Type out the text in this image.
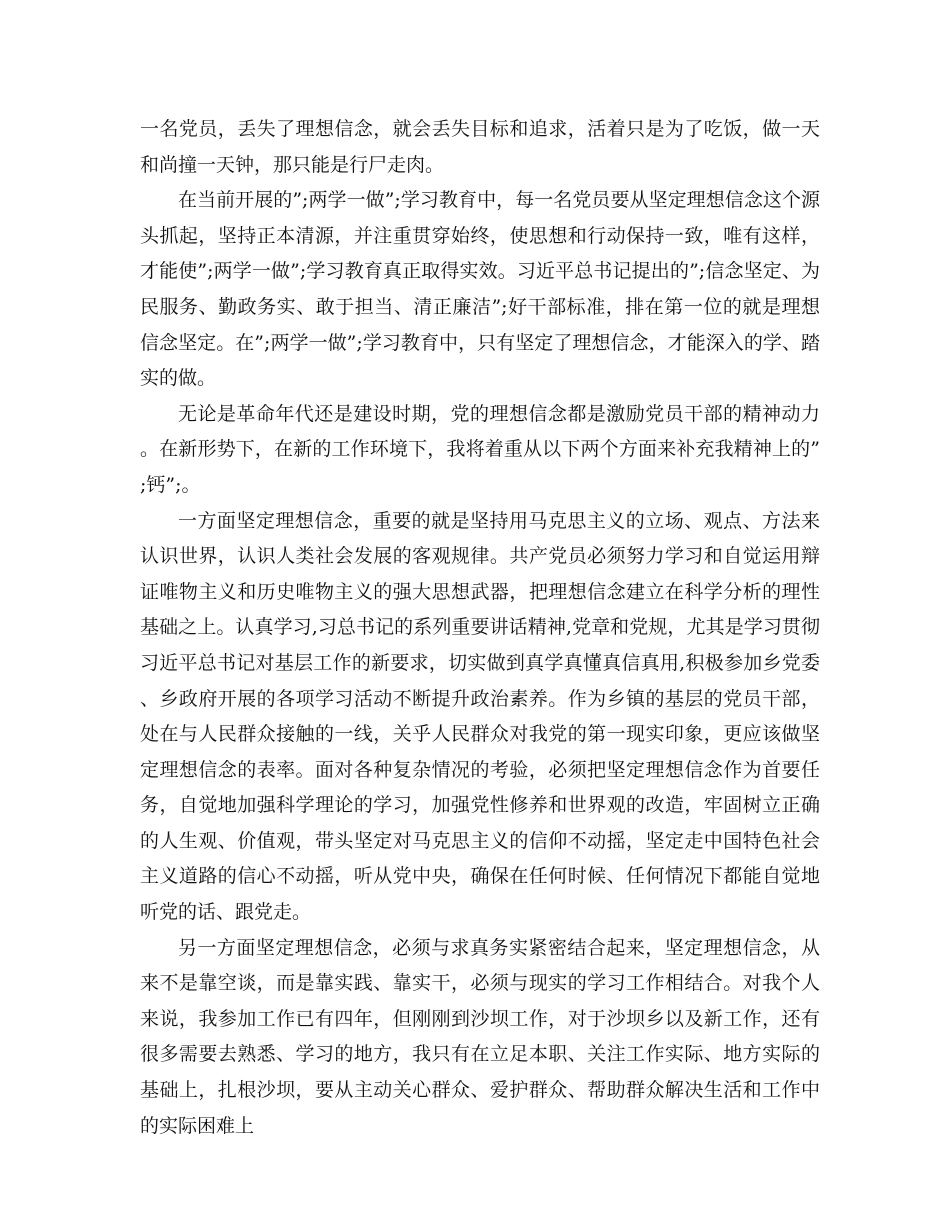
一名党员，丢失了理想信念，就会丢失目标和追求，活着只是为了吃饭，做一天和尚撞一天钟，那只能是行尸走肉。

在当前开展的”;两学一做”;学习教育中，每一名党员要从坚定理想信念这个源头抓起，坚持正本清源，并注重贯穿始终，使思想和行动保持一致，唯有这样，才能使”;两学一做”;学习教育真正取得实效。习近平总书记提出的”;信念坚定、为民服务、勤政务实、敢于担当、清正廉洁”;好干部标准，排在第一位的就是理想信念坚定。在”;两学一做”;学习教育中，只有坚定了理想信念，才能深入的学、踏实的做。

无论是革命年代还是建设时期，党的理想信念都是激励党员干部的精神动力。在新形势下，在新的工作环境下，我将着重从以下两个方面来补充我精神上的”;钙”;。

一方面坚定理想信念，重要的就是坚持用马克思主义的立场、观点、方法来认识世界，认识人类社会发展的客观规律。共产党员必须努力学习和自觉运用辩证唯物主义和历史唯物主义的强大思想武器，把理想信念建立在科学分析的理性基础之上。认真学习,习总书记的系列重要讲话精神,党章和党规，尤其是学习贯彻习近平总书记对基层工作的新要求，切实做到真学真懂真信真用,积极参加乡党委、乡政府开展的各项学习活动不断提升政治素养。作为乡镇的基层的党员干部，处在与人民群众接触的一线，关乎人民群众对我党的第一现实印象，更应该做坚定理想信念的表率。面对各种复杂情况的考验，必须把坚定理想信念作为首要任务，自觉地加强科学理论的学习，加强党性修养和世界观的改造，牢固树立正确的人生观、价值观，带头坚定对马克思主义的信仰不动摇，坚定走中国特色社会主义道路的信心不动摇，听从党中央，确保在任何时候、任何情况下都能自觉地听党的话、跟党走。

另一方面坚定理想信念，必须与求真务实紧密结合起来，坚定理想信念，从来不是靠空谈，而是靠实践、靠实干，必须与现实的学习工作相结合。对我个人来说，我参加工作已有四年，但刚刚到沙坝工作，对于沙坝乡以及新工作，还有很多需要去熟悉、学习的地方，我只有在立足本职、关注工作实际、地方实际的基础上，扎根沙坝，要从主动关心群众、爱护群众、帮助群众解决生活和工作中的实际困难上
